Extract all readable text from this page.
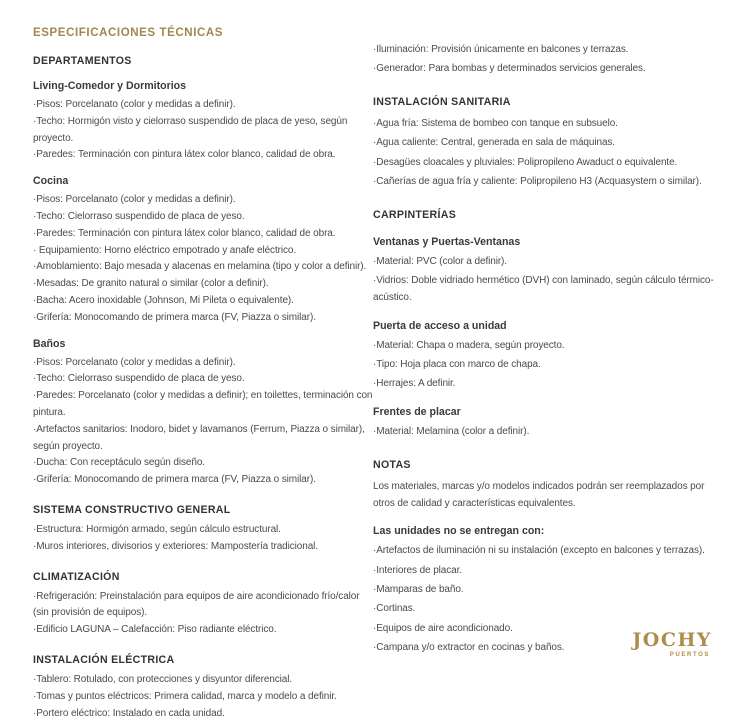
ESPECIFICACIONES TÉCNICAS
DEPARTAMENTOS
Living-Comedor y Dormitorios
·Pisos: Porcelanato (color y medidas a definir).
·Techo: Hormigón visto y cielorraso suspendido de placa de yeso, según proyecto.
·Paredes: Terminación con pintura látex color blanco, calidad de obra.
Cocina
·Pisos: Porcelanato (color y medidas a definir).
·Techo: Cielorraso suspendido de placa de yeso.
·Paredes: Terminación con pintura látex color blanco, calidad de obra.
· Equipamiento: Horno eléctrico empotrado y anafe eléctrico.
·Amoblamiento: Bajo mesada y alacenas en melamina (tipo y color a definir).
·Mesadas: De granito natural o similar (color a definir).
·Bacha: Acero inoxidable (Johnson, Mi Pileta o equivalente).
·Grifería: Monocomando de primera marca (FV, Piazza o similar).
Baños
·Pisos: Porcelanato (color y medidas a definir).
·Techo: Cielorraso suspendido de placa de yeso.
·Paredes: Porcelanato (color y medidas a definir); en toilettes, terminación con pintura.
·Artefactos sanitarios: Inodoro, bidet y lavamanos (Ferrum, Piazza o similar), según proyecto.
·Ducha: Con receptáculo según diseño.
·Grifería: Monocomando de primera marca (FV, Piazza o similar).
SISTEMA CONSTRUCTIVO GENERAL
·Estructura: Hormigón armado, según cálculo estructural.
·Muros interiores, divisorios y exteriores: Mampostería tradicional.
CLIMATIZACIÓN
·Refrigeración: Preinstalación para equipos de aire acondicionado frío/calor (sin provisión de equipos).
·Edificio LAGUNA – Calefacción: Piso radiante eléctrico.
INSTALACIÓN ELÉCTRICA
·Tablero: Rotulado, con protecciones y disyuntor diferencial.
·Tomas y puntos eléctricos: Primera calidad, marca y modelo a definir.
·Portero eléctrico: Instalado en cada unidad.
·Iluminación: Provisión únicamente en balcones y terrazas.
·Generador: Para bombas y determinados servicios generales.
INSTALACIÓN SANITARIA
·Agua fría: Sistema de bombeo con tanque en subsuelo.
·Agua caliente: Central, generada en sala de máquinas.
·Desagües cloacales y pluviales: Polipropileno Awaduct o equivalente.
·Cañerías de agua fría y caliente: Polipropileno H3 (Acquasystem o similar).
CARPINTERÍAS
Ventanas y Puertas-Ventanas
·Material: PVC (color a definir).
·Vidrios: Doble vidriado hermético (DVH) con laminado, según cálculo térmico-acústico.
Puerta de acceso a unidad
·Material: Chapa o madera, según proyecto.
·Tipo: Hoja placa con marco de chapa.
·Herrajes: A definir.
Frentes de placar
·Material: Melamina (color a definir).
NOTAS
Los materiales, marcas y/o modelos indicados podrán ser reemplazados por otros de calidad y características equivalentes.
Las unidades no se entregan con:
·Artefactos de iluminación ni su instalación (excepto en balcones y terrazas).
·Interiores de placar.
·Mamparas de baño.
·Cortinas.
·Equipos de aire acondicionado.
·Campana y/o extractor en cocinas y baños.	JOCHY
PUERTOS
